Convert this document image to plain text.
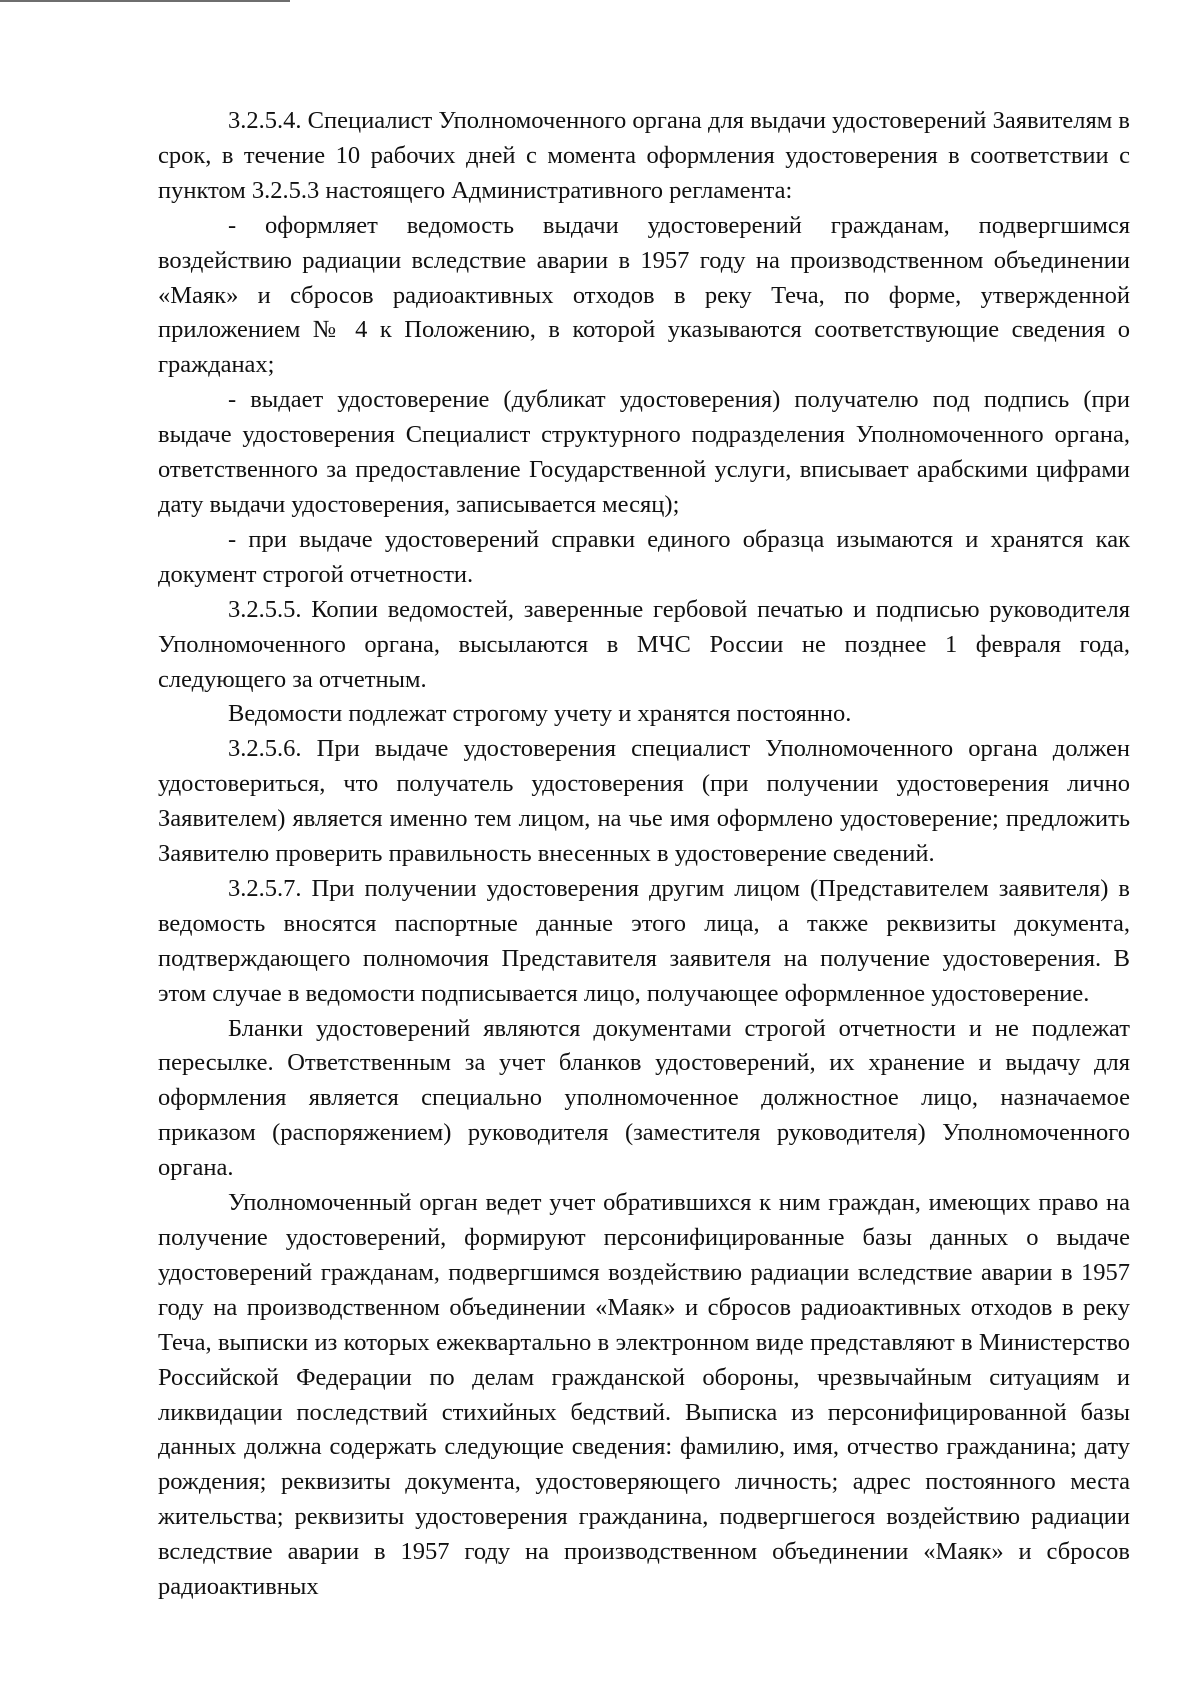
3.2.5.4. Специалист Уполномоченного органа для выдачи удостоверений Заявителям в срок, в течение 10 рабочих дней с момента оформления удостоверения в соответствии с пунктом 3.2.5.3 настоящего Административного регламента:

- оформляет ведомость выдачи удостоверений гражданам, подвергшимся воздействию радиации вследствие аварии в 1957 году на производственном объединении «Маяк» и сбросов радиоактивных отходов в реку Теча, по форме, утвержденной приложением № 4 к Положению, в которой указываются соответствующие сведения о гражданах;

- выдает удостоверение (дубликат удостоверения) получателю под подпись (при выдаче удостоверения Специалист структурного подразделения Уполномоченного органа, ответственного за предоставление Государственной услуги, вписывает арабскими цифрами дату выдачи удостоверения, записывается месяц);

- при выдаче удостоверений справки единого образца изымаются и хранятся как документ строгой отчетности.

3.2.5.5. Копии ведомостей, заверенные гербовой печатью и подписью руководителя Уполномоченного органа, высылаются в МЧС России не позднее 1 февраля года, следующего за отчетным.

Ведомости подлежат строгому учету и хранятся постоянно.

3.2.5.6. При выдаче удостоверения специалист Уполномоченного органа должен удостовериться, что получатель удостоверения (при получении удостоверения лично Заявителем) является именно тем лицом, на чье имя оформлено удостоверение; предложить Заявителю проверить правильность внесенных в удостоверение сведений.

3.2.5.7. При получении удостоверения другим лицом (Представителем заявителя) в ведомость вносятся паспортные данные этого лица, а также реквизиты документа, подтверждающего полномочия Представителя заявителя на получение удостоверения. В этом случае в ведомости подписывается лицо, получающее оформленное удостоверение.

Бланки удостоверений являются документами строгой отчетности и не подлежат пересылке. Ответственным за учет бланков удостоверений, их хранение и выдачу для оформления является специально уполномоченное должностное лицо, назначаемое приказом (распоряжением) руководителя (заместителя руководителя) Уполномоченного органа.

Уполномоченный орган ведет учет обратившихся к ним граждан, имеющих право на получение удостоверений, формируют персонифицированные базы данных о выдаче удостоверений гражданам, подвергшимся воздействию радиации вследствие аварии в 1957 году на производственном объединении «Маяк» и сбросов радиоактивных отходов в реку Теча, выписки из которых ежеквартально в электронном виде представляют в Министерство Российской Федерации по делам гражданской обороны, чрезвычайным ситуациям и ликвидации последствий стихийных бедствий. Выписка из персонифицированной базы данных должна содержать следующие сведения: фамилию, имя, отчество гражданина; дату рождения; реквизиты документа, удостоверяющего личность; адрес постоянного места жительства; реквизиты удостоверения гражданина, подвергшегося воздействию радиации вследствие аварии в 1957 году на производственном объединении «Маяк» и сбросов радиоактивных
